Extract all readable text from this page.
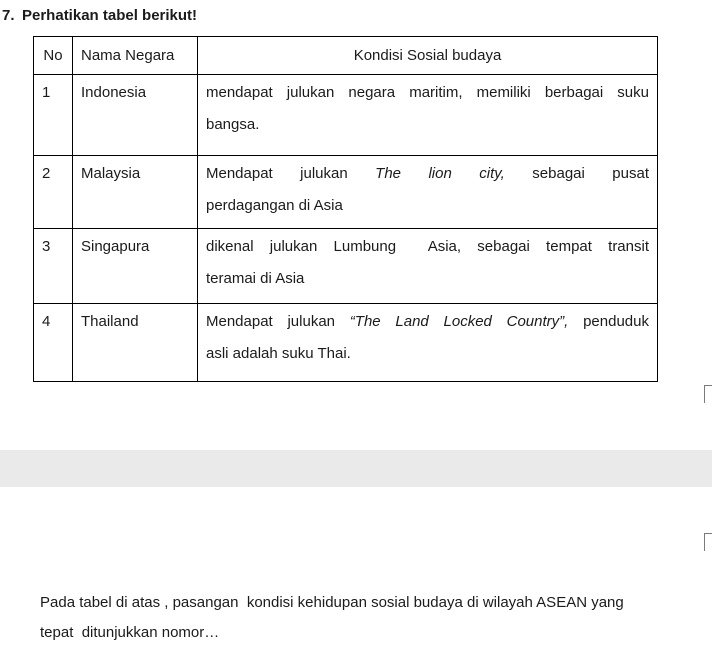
7. Perhatikan tabel berikut!
No	Nama Negara	Kondisi Sosial budaya
1	Indonesia	mendapat julukan negara maritim, memiliki berbagai suku
bangsa.

2	Malaysia	Mendapat julukan The lion city, sebagai pusat
perdagangan di Asia

3	Singapura	dikenal julukan Lumbung  Asia, sebagai tempat transit
teramai di Asia

4	Thailand	Mendapat julukan “The Land Locked Country”, penduduk
asli adalah suku Thai.
Pada tabel di atas , pasangan  kondisi kehidupan sosial budaya di wilayah ASEAN yang
tepat  ditunjukkan nomor…
